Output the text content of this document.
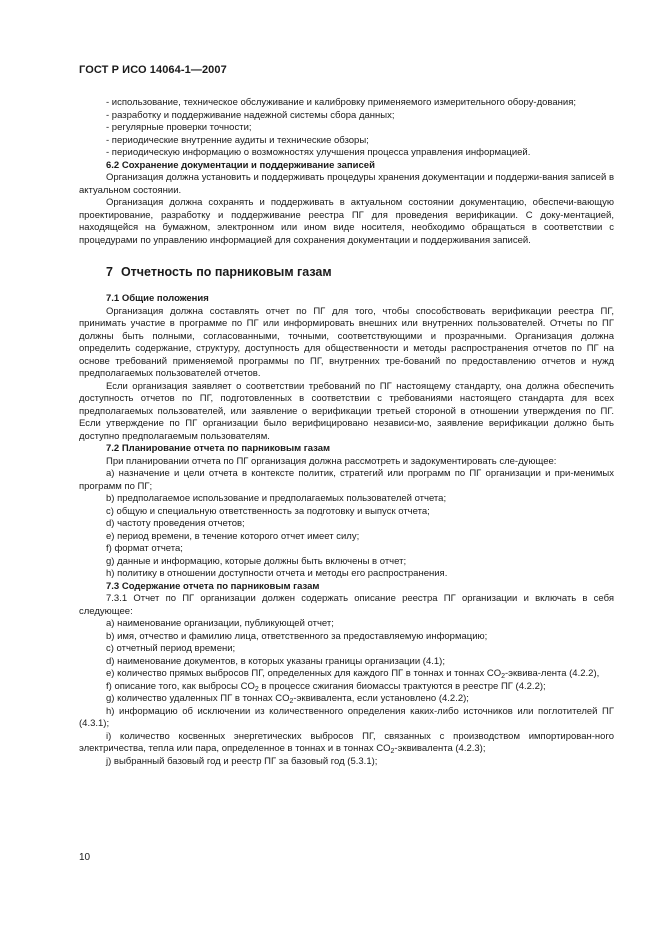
ГОСТ Р ИСО 14064-1—2007

- использование, техническое обслуживание и калибровку применяемого измерительного обору-дования;

- разработку и поддерживание надежной системы сбора данных;

- регулярные проверки точности;

- периодические внутренние аудиты и технические обзоры;

- периодическую информацию о возможностях улучшения процесса управления информацией.

6.2 Сохранение документации и поддерживание записей

Организация должна установить и поддерживать процедуры хранения документации и поддержи-вания записей в актуальном состоянии.

Организация должна сохранять и поддерживать в актуальном состоянии документацию, обеспечи-вающую проектирование, разработку и поддерживание реестра ПГ для проведения верификации. С доку-ментацией, находящейся на бумажном, электронном или ином виде носителя, необходимо обращаться в соответствии с процедурами по управлению информацией для сохранения документации и поддерживания записей.

7 Отчетность по парниковым газам

7.1 Общие положения

Организация должна составлять отчет по ПГ для того, чтобы способствовать верификации реестра ПГ, принимать участие в программе по ПГ или информировать внешних или внутренних пользователей. Отчеты по ПГ должны быть полными, согласованными, точными, соответствующими и прозрачными. Организация должна определить содержание, структуру, доступность для общественности и методы распространения отчетов по ПГ на основе требований применяемой программы по ПГ, внутренних тре-бований по предоставлению отчетов и нужд предполагаемых пользователей отчетов.

Если организация заявляет о соответствии требований по ПГ настоящему стандарту, она должна обеспечить доступность отчетов по ПГ, подготовленных в соответствии с требованиями настоящего стандарта для всех предполагаемых пользователей, или заявление о верификации третьей стороной в отношении утверждения по ПГ. Если утверждение по ПГ организации было верифицировано независи-мо, заявление верификации должно быть доступно предполагаемым пользователям.

7.2 Планирование отчета по парниковым газам

При планировании отчета по ПГ организация должна рассмотреть и задокументировать сле-дующее:

a) назначение и цели отчета в контексте политик, стратегий или программ по ПГ организации и при-менимых программ по ПГ;

b) предполагаемое использование и предполагаемых пользователей отчета;

c) общую и специальную ответственность за подготовку и выпуск отчета;

d) частоту проведения отчетов;

e) период времени, в течение которого отчет имеет силу;

f) формат отчета;

g) данные и информацию, которые должны быть включены в отчет;

h) политику в отношении доступности отчета и методы его распространения.

7.3 Содержание отчета по парниковым газам

7.3.1 Отчет по ПГ организации должен содержать описание реестра ПГ организации и включать в себя следующее:

a) наименование организации, публикующей отчет;

b) имя, отчество и фамилию лица, ответственного за предоставляемую информацию;

c) отчетный период времени;

d) наименование документов, в которых указаны границы организации (4.1);

e) количество прямых выбросов ПГ, определенных для каждого ПГ в тоннах и тоннах $CO_2-эквива$-лента (4.2.2),

f) описание того, как выбросы $CO_2$ в процессе сжигания биомассы трактуются в реестре ПГ (4.2.2);

g) количество удаленных ПГ в тоннах $CO_2$-эквивалента, если установлено (4.2.2);

h) информацию об исключении из количественного определения каких-либо источников или поглотителей ПГ (4.3.1);

i) количество косвенных энергетических выбросов ПГ, связанных с производством импортирован-ного электричества, тепла или пара, определенное в тоннах и в тоннах $CO_2$-эквивалента (4.2.3);

j) выбранный базовый год и реестр ПГ за базовый год (5.3.1);

10
